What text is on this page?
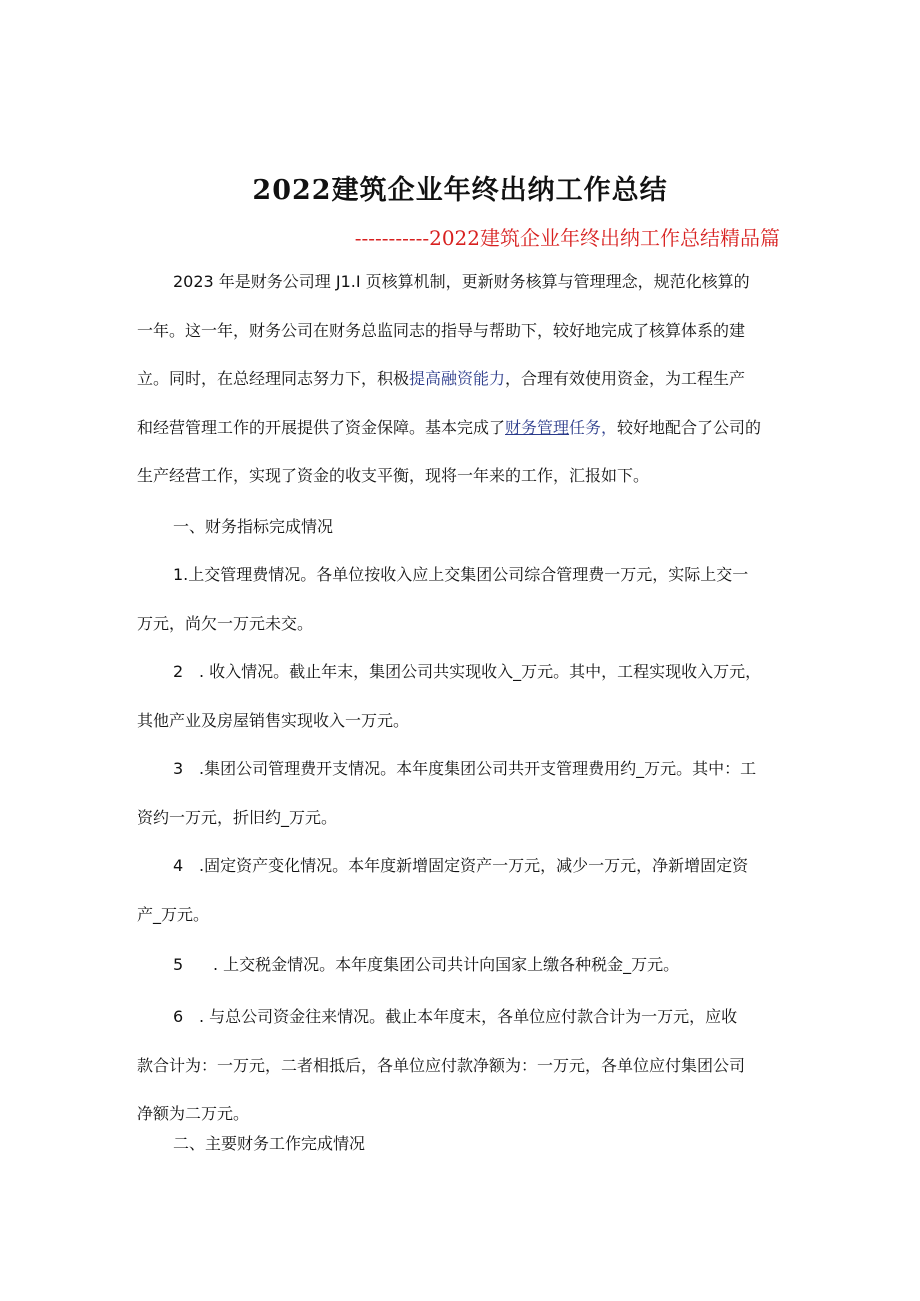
2022建筑企业年终出纳工作总结
-----------2022建筑企业年终出纳工作总结精品篇
2023 年是财务公司理 J1.I 页核算机制，更新财务核算与管理理念，规范化核算的
一年。这一年，财务公司在财务总监同志的指导与帮助下，较好地完成了核算体系的建
立。同时，在总经理同志努力下，积极提高融资能力，合理有效使用资金，为工程生产
和经营管理工作的开展提供了资金保障。基本完成了财务管理任务，较好地配合了公司的
生产经营工作，实现了资金的收支平衡，现将一年来的工作，汇报如下。
一、财务指标完成情况
1.上交管理费情况。各单位按收入应上交集团公司综合管理费一万元，实际上交一
万元，尚欠一万元未交。
2 . 收入情况。截止年末，集团公司共实现收入_万元。其中，工程实现收入万元，
其他产业及房屋销售实现收入一万元。
3 .集团公司管理费开支情况。本年度集团公司共开支管理费用约_万元。其中：工
资约一万元，折旧约_万元。
4 .固定资产变化情况。本年度新增固定资产一万元，减少一万元，净新增固定资
产_万元。
5 . 上交税金情况。本年度集团公司共计向国家上缴各种税金_万元。
6 . 与总公司资金往来情况。截止本年度末，各单位应付款合计为一万元，应收
款合计为：一万元，二者相抵后，各单位应付款净额为：一万元，各单位应付集团公司
净额为二万元。
二、主要财务工作完成情况
